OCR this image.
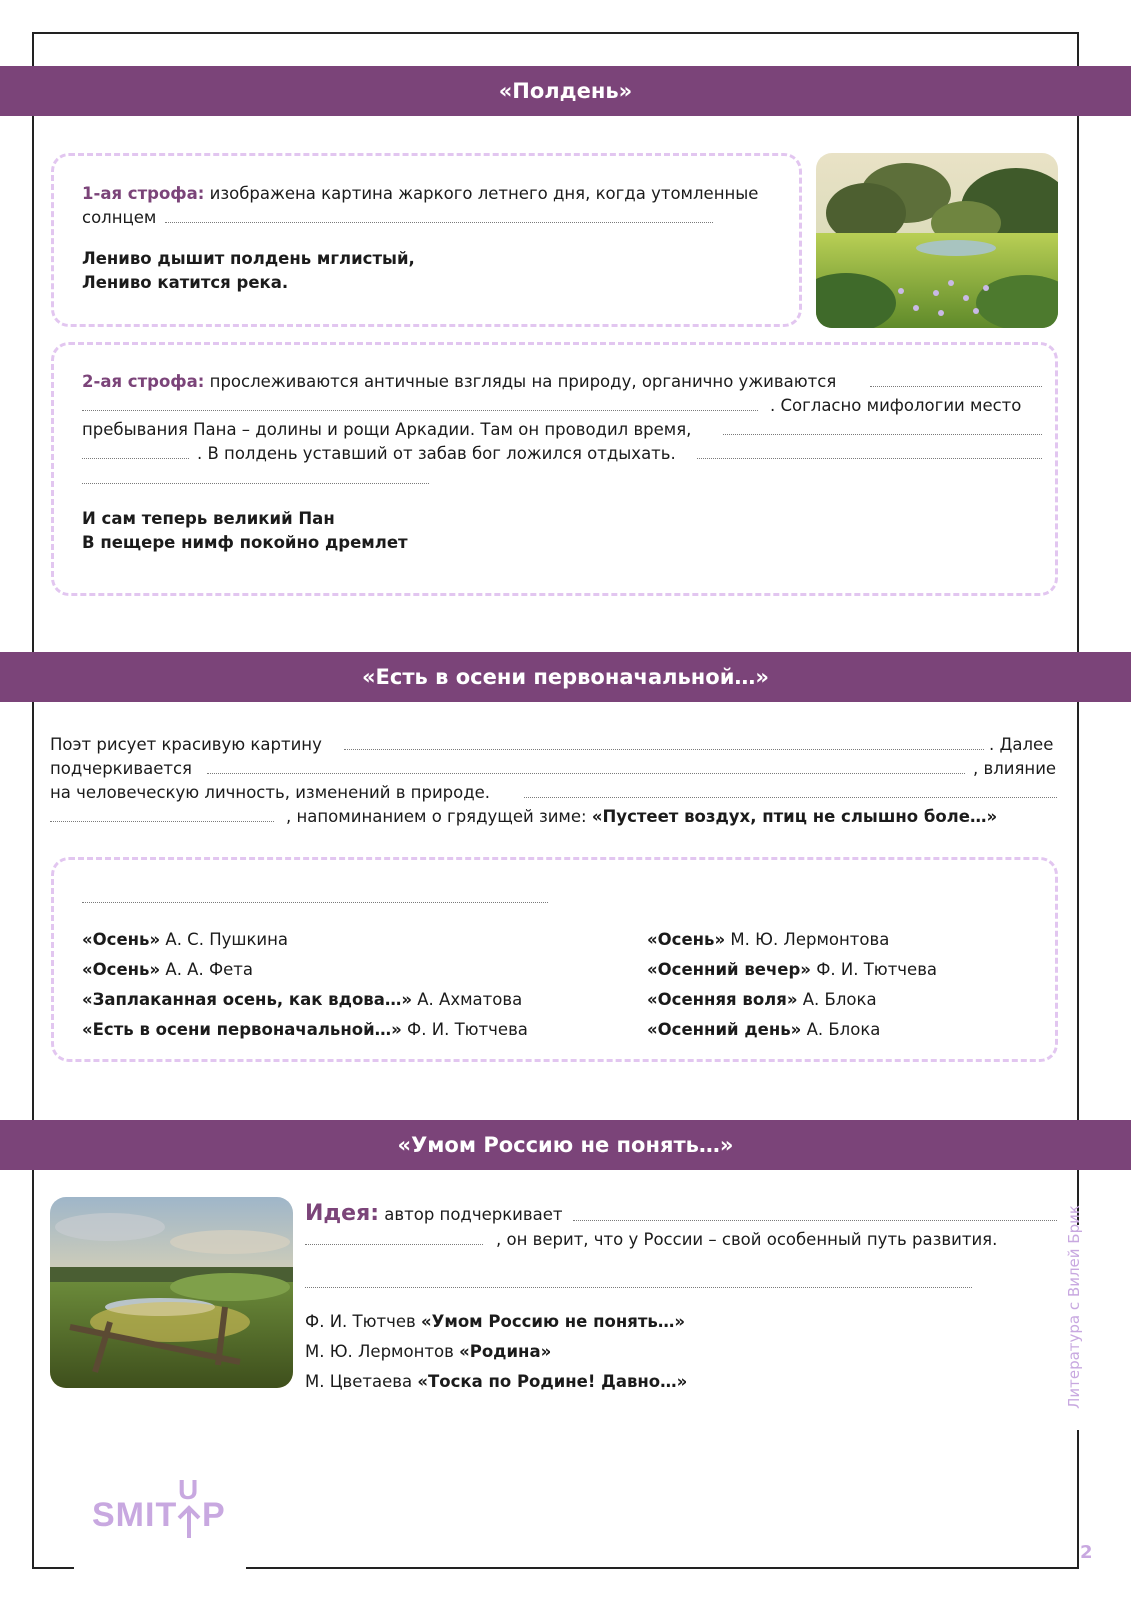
«Полдень»
1-ая строфа: изображена картина жаркого летнего дня, когда утомленные
солнцем
Лениво дышит полдень мглистый,
Лениво катится река.
2-ая строфа: прослеживаются античные взгляды на природу, органично уживаются
. Согласно мифологии место
пребывания Пана – долины и рощи Аркадии. Там он проводил время,
. В полдень уставший от забав бог ложился отдыхать.
И сам теперь великий Пан
В пещере нимф покойно дремлет
«Есть в осени первоначальной…»
Поэт рисует красивую картину	. Далее
подчеркивается	, влияние
на человеческую личность, изменений в природе.
, напоминанием о грядущей зиме: «Пустеет воздух, птиц не слышно боле…»
«Осень» А. С. Пушкина
«Осень» А. А. Фета
«Заплаканная осень, как вдова…» А. Ахматова
«Есть в осени первоначальной…» Ф. И. Тютчева
«Осень» М. Ю. Лермонтова
«Осенний вечер» Ф. И. Тютчева
«Осенняя воля» А. Блока
«Осенний день» А. Блока
«Умом Россию не понять…»
Идея: автор подчеркивает
, он верит, что у России – свой особенный путь развития.
Ф. И. Тютчев «Умом Россию не понять…»
М. Ю. Лермонтов «Родина»
М. Цветаева «Тоска по Родине! Давно…»	Литература с Вилей Брик
SMIT
U
P
2
